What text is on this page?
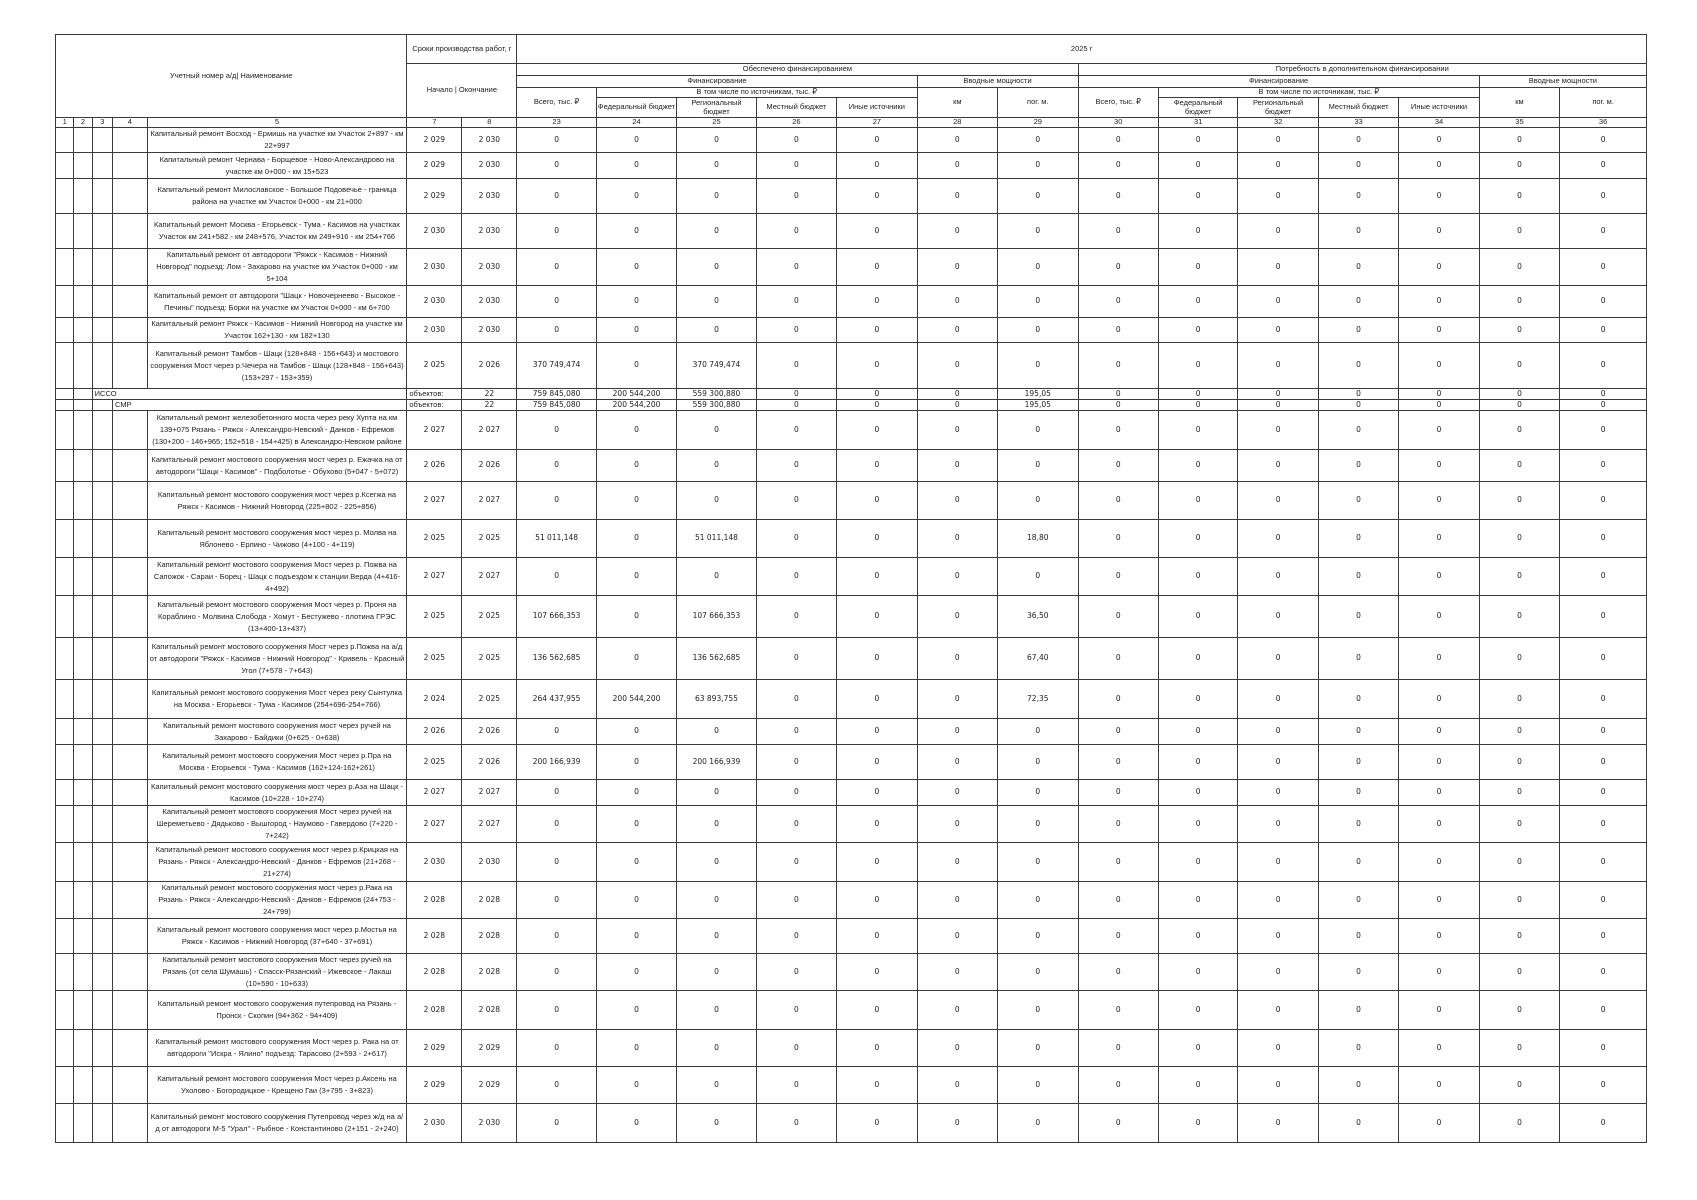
Учетный номер а/д| Наименование					Сроки производства работ, г		2025 г													
					Начало | Окончание		Обеспечено финансированием							Потребность в дополнительном финансировании						
							Финансирование					Вводные мощности		Финансирование					Вводные мощности	
							Всего, тыс. ₽	В том числе по источникам, тыс. ₽				км	пог. м.	Всего, тыс. ₽	В том числе по источникам, тыс. ₽				км	пог. м.
								Федеральный бюджет	Региональный бюджет	Местный бюджет	Иные источники				Федеральный бюджет	Региональный бюджет	Местный бюджет	Иные источники		
1	2	3	4	5	7	8	23	24	25	26	27	28	29	30	31	32	33	34	35	36
				Капитальный ремонт Восход - Ермишь на участке км Участок 2+897 - км 22+997	2 029	2 030	0	0	0	0	0	0	0	0	0	0	0	0	0	0
				Капитальный ремонт Чернава - Борщевое - Ново-Александрово на участке км 0+000 - км 15+523	2 029	2 030	0	0	0	0	0	0	0	0	0	0	0	0	0	0
				Капитальный ремонт Милославское - Большое Подовечье - граница района на участке км Участок 0+000 - км 21+000	2 029	2 030	0	0	0	0	0	0	0	0	0	0	0	0	0	0
				Капитальный ремонт Москва - Егорьевск - Тума - Касимов на участках Участок км 241+582 - км 248+576, Участок км 249+916 - км 254+766	2 030	2 030	0	0	0	0	0	0	0	0	0	0	0	0	0	0
				Капитальный ремонт от автодороги "Ряжск - Касимов - Нижний Новгород" подъезд: Лом - Захарово на участке км Участок 0+000 - км 5+104	2 030	2 030	0	0	0	0	0	0	0	0	0	0	0	0	0	0
				Капитальный ремонт от автодороги "Шацк - Новочернеево - Высокое - Печины" подъезд: Борки на участке км Участок 0+000 - км 6+700	2 030	2 030	0	0	0	0	0	0	0	0	0	0	0	0	0	0
				Капитальный ремонт Ряжск - Касимов - Нижний Новгород на участке км Участок 162+130 - км 182+130	2 030	2 030	0	0	0	0	0	0	0	0	0	0	0	0	0	0
				Капитальный ремонт Тамбов - Шацк (128+848 - 156+643) и мостового сооружения Мост через р.Чечера на Тамбов - Шацк (128+848 - 156+643) (153+297 - 153+359)	2 025	2 026	370 749,474	0	370 749,474	0	0	0	0	0	0	0	0	0	0	0
		ИССО			объектов:	22	759 845,080	200 544,200	559 300,880	0	0	0	195,05	0	0	0	0	0	0	0
			СМР		объектов:	22	759 845,080	200 544,200	559 300,880	0	0	0	195,05	0	0	0	0	0	0	0
				Капитальный ремонт железобетонного моста через реку Хупта на км 139+075 Рязань - Ряжск - Александро-Невский - Данков - Ефремов (130+200 - 146+965; 152+518 - 154+425) в Александро-Невском районе	2 027	2 027	0	0	0	0	0	0	0	0	0	0	0	0	0	0
				Капитальный ремонт мостового сооружения мост через р. Ежачка на от автодороги "Шацк - Касимов" - Подболотье - Обухово (5+047 - 5+072)	2 026	2 026	0	0	0	0	0	0	0	0	0	0	0	0	0	0
				Капитальный ремонт мостового сооружения мост через р.Ксегжа на Ряжск - Касимов - Нижний Новгород (225+802 - 225+856)	2 027	2 027	0	0	0	0	0	0	0	0	0	0	0	0	0	0
				Капитальный ремонт мостового сооружения мост через р. Молва на Яблонево - Ерлино - Чижово (4+100 - 4+119)	2 025	2 025	51 011,148	0	51 011,148	0	0	0	18,80	0	0	0	0	0	0	0
				Капитальный ремонт мостового сооружения Мост через р. Пожва на Сапожок - Сараи - Борец - Шацк с подъездом к станции Верда (4+416-4+492)	2 027	2 027	0	0	0	0	0	0	0	0	0	0	0	0	0	0
				Капитальный ремонт мостового сооружения Мост через р. Проня на Кораблино - Молвина Слобода - Хомут - Бестужево - плотина ГРЭС (13+400-13+437)	2 025	2 025	107 666,353	0	107 666,353	0	0	0	36,50	0	0	0	0	0	0	0
				Капитальный ремонт мостового сооружения Мост через р.Пожва на а/д от автодороги "Ряжск - Касимов - Нижний Новгород" - Кривель - Красный Угол (7+578 - 7+643)	2 025	2 025	136 562,685	0	136 562,685	0	0	0	67,40	0	0	0	0	0	0	0
				Капитальный ремонт мостового сооружения Мост через реку Сынтулка на Москва - Егорьевск - Тума - Касимов (254+696-254+766)	2 024	2 025	264 437,955	200 544,200	63 893,755	0	0	0	72,35	0	0	0	0	0	0	0
				Капитальный ремонт мостового сооружения мост через ручей на Захарово - Байдики (0+625 - 0+638)	2 026	2 026	0	0	0	0	0	0	0	0	0	0	0	0	0	0
				Капитальный ремонт мостового сооружения Мост через р.Пра на Москва - Егорьевск - Тума - Касимов (162+124-162+261)	2 025	2 026	200 166,939	0	200 166,939	0	0	0	0	0	0	0	0	0	0	0
				Капитальный ремонт мостового сооружения мост через р.Аза на Шацк - Касимов (10+228 - 10+274)	2 027	2 027	0	0	0	0	0	0	0	0	0	0	0	0	0	0
				Капитальный ремонт мостового сооружения Мост через ручей на Шереметьево - Дядьково - Вышгород - Наумово - Гавердово (7+220 - 7+242)	2 027	2 027	0	0	0	0	0	0	0	0	0	0	0	0	0	0
				Капитальный ремонт мостового сооружения мост через р.Крицкая на Рязань - Ряжск - Александро-Невский - Данков - Ефремов (21+268 - 21+274)	2 030	2 030	0	0	0	0	0	0	0	0	0	0	0	0	0	0
				Капитальный ремонт мостового сооружения мост через р.Рака на Рязань - Ряжск - Александро-Невский - Данков - Ефремов (24+753 - 24+799)	2 028	2 028	0	0	0	0	0	0	0	0	0	0	0	0	0	0
				Капитальный ремонт мостового сооружения мост через р.Мостья на Ряжск - Касимов - Нижний Новгород (37+640 - 37+691)	2 028	2 028	0	0	0	0	0	0	0	0	0	0	0	0	0	0
				Капитальный ремонт мостового сооружения Мост через ручей на Рязань (от села Шумашь) - Спасск-Рязанский - Ижевское - Лакаш (10+590 - 10+633)	2 028	2 028	0	0	0	0	0	0	0	0	0	0	0	0	0	0
				Капитальный ремонт мостового сооружения путепровод на Рязань - Пронск - Скопин (94+362 - 94+409)	2 028	2 028	0	0	0	0	0	0	0	0	0	0	0	0	0	0
				Капитальный ремонт мостового сооружения Мост через р. Рака на от автодороги "Искра - Ялино" подъезд: Тарасово (2+593 - 2+617)	2 029	2 029	0	0	0	0	0	0	0	0	0	0	0	0	0	0
				Капитальный ремонт мостового сооружения Мост через р.Аксень на Ухолово - Богородицкое - Крещено Гаи (3+795 - 3+823)	2 029	2 029	0	0	0	0	0	0	0	0	0	0	0	0	0	0
				Капитальный ремонт мостового сооружения Путепровод через ж/д на а/д от автодороги М-5 "Урал" - Рыбное - Константиново (2+151 - 2+240)	2 030	2 030	0	0	0	0	0	0	0	0	0	0	0	0	0	0
